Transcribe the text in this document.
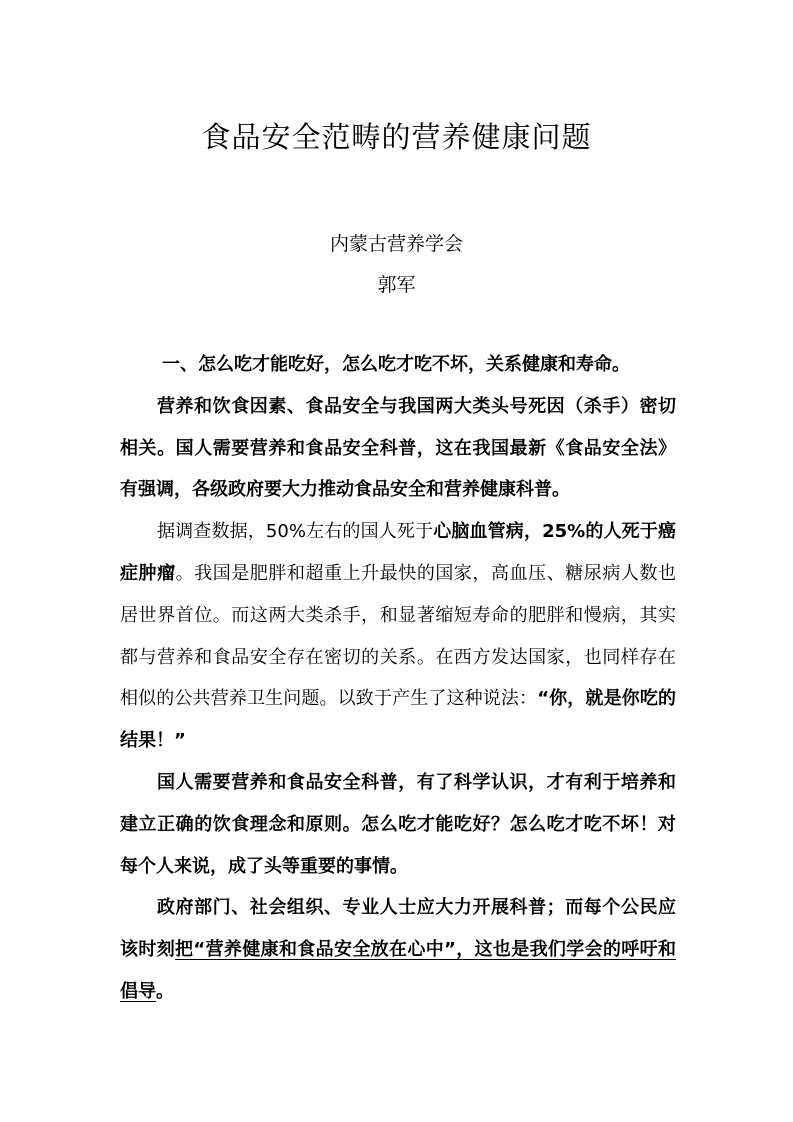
食品安全范畴的营养健康问题
内蒙古营养学会
郭军

一、怎么吃才能吃好，怎么吃才吃不坏，关系健康和寿命。

营养和饮食因素、食品安全与我国两大类头号死因（杀手）密切相关。国人需要营养和食品安全科普，这在我国最新《食品安全法》有强调，各级政府要大力推动食品安全和营养健康科普。

据调查数据，50%左右的国人死于心脑血管病，25%的人死于癌症肿瘤。我国是肥胖和超重上升最快的国家，高血压、糖尿病人数也居世界首位。而这两大类杀手，和显著缩短寿命的肥胖和慢病，其实都与营养和食品安全存在密切的关系。在西方发达国家，也同样存在相似的公共营养卫生问题。以致于产生了这种说法：“你，就是你吃的结果！”

国人需要营养和食品安全科普，有了科学认识，才有利于培养和建立正确的饮食理念和原则。怎么吃才能吃好？怎么吃才吃不坏！对每个人来说，成了头等重要的事情。

政府部门、社会组织、专业人士应大力开展科普；而每个公民应该时刻把“营养健康和食品安全放在心中”，这也是我们学会的呼吁和倡导。
